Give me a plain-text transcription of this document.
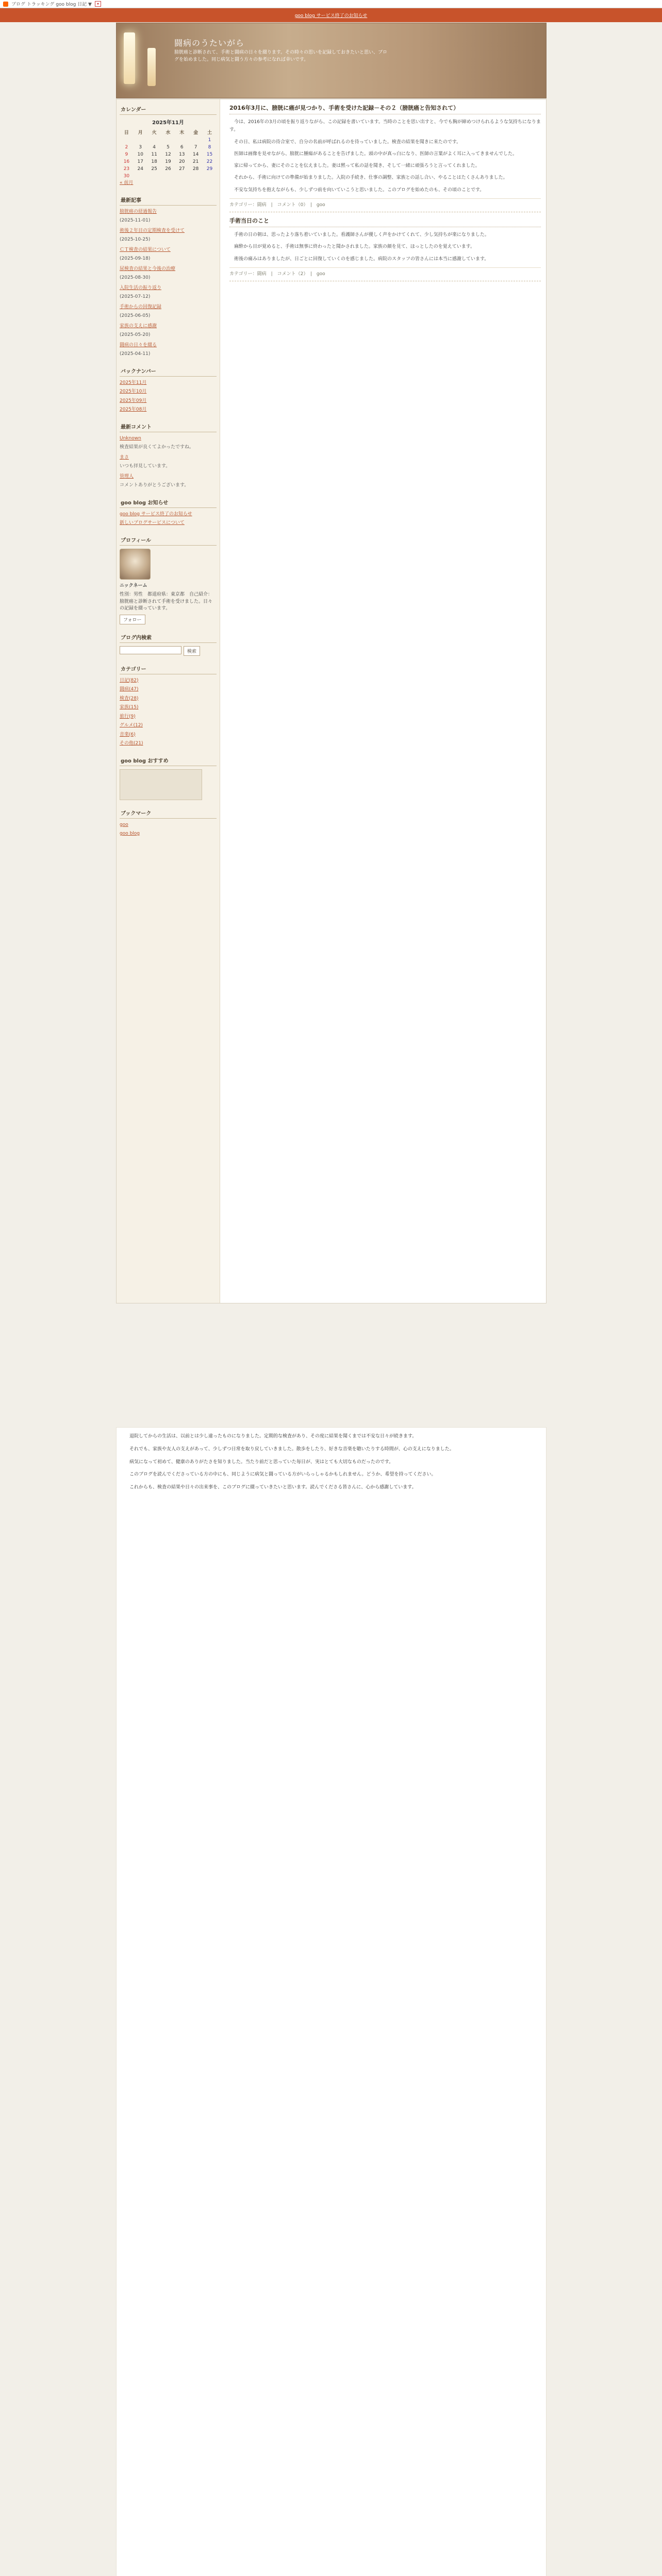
ブログ トラッキング goo blog 日記 ▼	▾
goo blog サービス終了のお知らせ
闘病のうたいがら
膀胱癌と診断されて、手術と闘病の日々を綴ります。その時々の思いを記録しておきたいと思い、ブログを始めました。同じ病気と闘う方々の参考になれば幸いです。
カレンダー
2025年11月
日	月	火	水	木	金	土
						1
2	3	4	5	6	7	8
9	10	11	12	13	14	15
16	17	18	19	20	21	22
23	24	25	26	27	28	29
30						
« 前月
最新記事
膀胱癌の経過報告
(2025-11-01)
術後２年目の定期検査を受けて
(2025-10-25)
ＣＴ検査の結果について
(2025-09-18)
尿検査の結果と今後の治療
(2025-08-30)
入院生活の振り返り
(2025-07-12)
手術からの回復記録
(2025-06-05)
家族の支えに感謝
(2025-05-20)
闘病の日々を綴る
(2025-04-11)
バックナンバー
2025年11月
2025年10月
2025年09月
2025年08月
最新コメント
Unknown
検査結果が良くてよかったですね。
まさ
いつも拝見しています。
管理人
コメントありがとうございます。
goo blog お知らせ
goo blog サービス終了のお知らせ
新しいブログサービスについて
プロフィール
ニックネーム
性別：男性　都道府県：東京都　自己紹介：膀胱癌と診断されて手術を受けました。日々の記録を綴っています。
フォロー
ブログ内検索
検索
カテゴリー
日記(82)
闘病(47)
検査(28)
家族(15)
旅行(9)
グルメ(12)
音楽(6)
その他(21)
goo blog おすすめ
ブックマーク
goo
goo blog
2016年3月に、膀胱に癌が見つかり、手術を受けた記録－その２（膀胱癌と告知されて）

今は、2016年の3月の頃を振り返りながら、この記録を書いています。当時のことを思い出すと、今でも胸が締めつけられるような気持ちになります。

その日、私は病院の待合室で、自分の名前が呼ばれるのを待っていました。検査の結果を聞きに来たのです。

医師は画像を見せながら、膀胱に腫瘍があることを告げました。頭の中が真っ白になり、医師の言葉がよく耳に入ってきませんでした。

家に帰ってから、妻にそのことを伝えました。妻は黙って私の話を聞き、そして一緒に頑張ろうと言ってくれました。

それから、手術に向けての準備が始まりました。入院の手続き、仕事の調整、家族との話し合い、やることはたくさんありました。

不安な気持ちを抱えながらも、少しずつ前を向いていこうと思いました。このブログを始めたのも、その頃のことです。

カテゴリー：闘病　|　コメント（0）　|　goo
手術当日のこと

手術の日の朝は、思ったより落ち着いていました。看護師さんが優しく声をかけてくれて、少し気持ちが楽になりました。

麻酔から目が覚めると、手術は無事に終わったと聞かされました。家族の顔を見て、ほっとしたのを覚えています。

術後の痛みはありましたが、日ごとに回復していくのを感じました。病院のスタッフの皆さんには本当に感謝しています。

カテゴリー：闘病　|　コメント（2）　|　goo

退院してからの生活は、以前とは少し違ったものになりました。定期的な検査があり、その度に結果を聞くまでは不安な日々が続きます。

それでも、家族や友人の支えがあって、少しずつ日常を取り戻していきました。散歩をしたり、好きな音楽を聴いたりする時間が、心の支えになりました。

病気になって初めて、健康のありがたさを知りました。当たり前だと思っていた毎日が、実はとても大切なものだったのです。

このブログを読んでくださっている方の中にも、同じように病気と闘っている方がいらっしゃるかもしれません。どうか、希望を持ってください。

これからも、検査の結果や日々の出来事を、このブログに綴っていきたいと思います。読んでくださる皆さんに、心から感謝しています。
